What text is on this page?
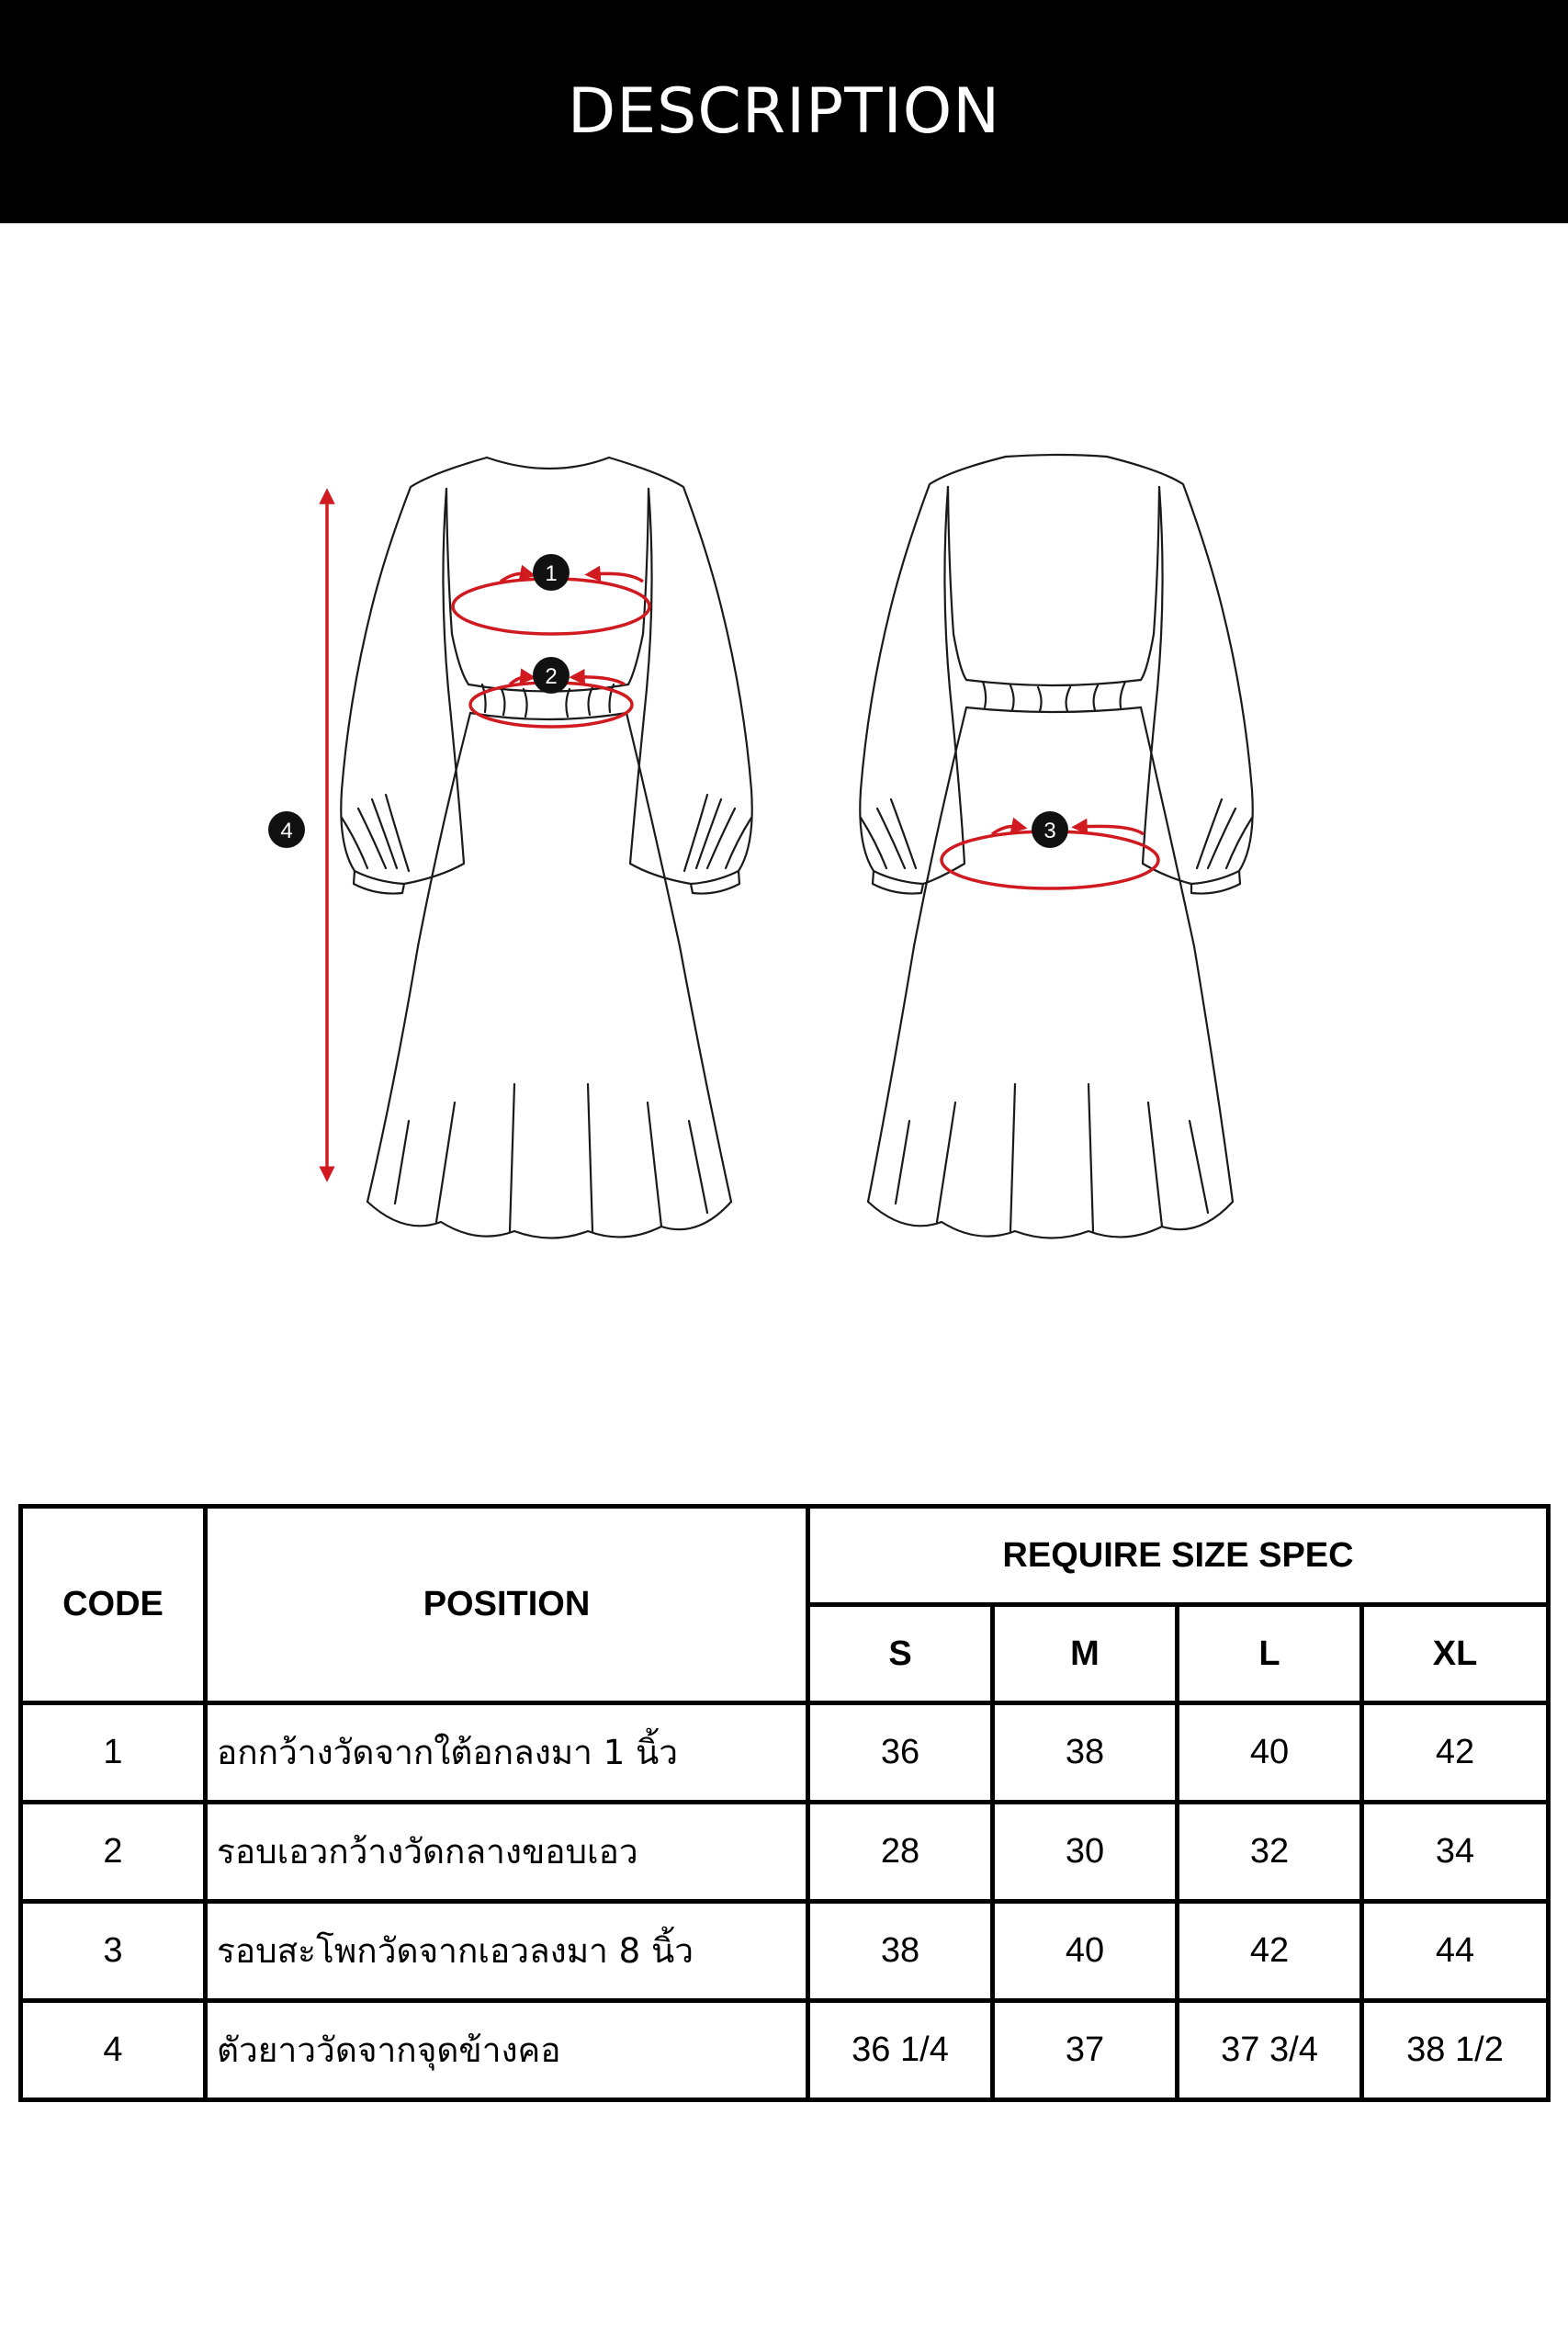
DESCRIPTION
1
2
3
4
CODE	POSITION	REQUIRE SIZE SPEC			
		S	M	L	XL
1	อกกว้างวัดจากใต้อกลงมา 1 นิ้ว	36	38	40	42
2	รอบเอวกว้างวัดกลางขอบเอว	28	30	32	34
3	รอบสะโพกวัดจากเอวลงมา 8 นิ้ว	38	40	42	44
4	ตัวยาววัดจากจุดข้างคอ	36 1/4	37	37 3/4	38 1/2
